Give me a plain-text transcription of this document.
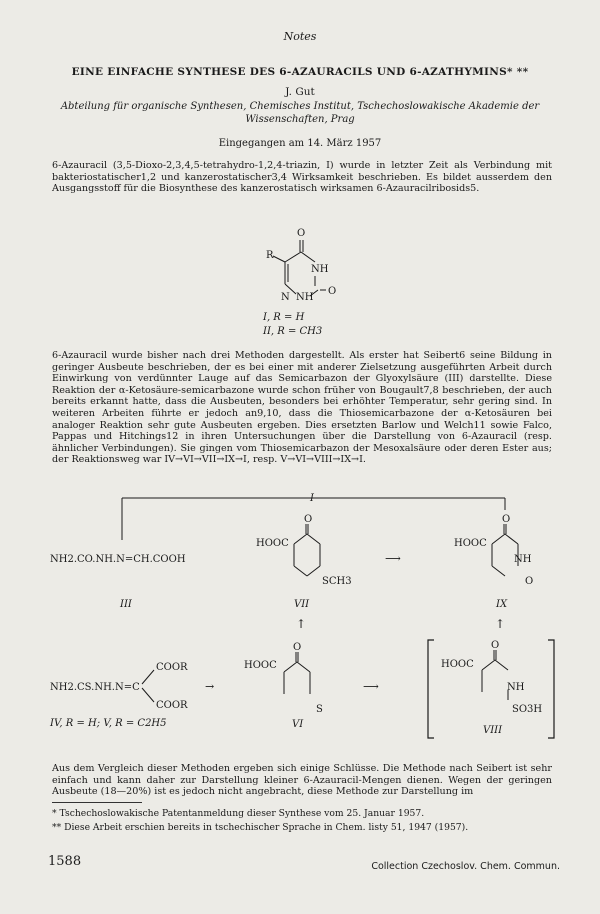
Notes
EINE EINFACHE SYNTHESE DES 6-AZAURACILS UND 6-AZATHYMINS* **
J. Gut
Abteilung für organische Synthesen, Chemisches Institut, Tschechoslowakische Akademie der Wissenschaften, Prag
Eingegangen am 14. März 1957
6-Azauracil (3,5-Dioxo-2,3,4,5-tetrahydro-1,2,4-triazin, I) wurde in letzter Zeit als Verbindung mit bakteriostatischer1,2 und kanzerostatischer3,4 Wirksamkeit beschrieben. Es bildet ausserdem den Ausgangsstoff für die Biosynthese des kanzerostatisch wirksamen 6-Azauracilribosids5.
O
R
NH
N NH
O
I, R = H
II, R = CH3
I
NH2.CO.NH.N=CH.COOH
III
O
HOOC
SCH3
VII
⟶
O
HOOC
NH
O
IX
↑	↑
NH2.CS.NH.N=C
COOR
COOR
IV, R = H; V, R = C2H5
→
O
HOOC
S
VI
⟶
O
HOOC
NH
SO3H
VIII
6-Azauracil wurde bisher nach drei Methoden dargestellt. Als erster hat Seibert6 seine Bildung in geringer Ausbeute beschrieben, der es bei einer mit anderer Zielsetzung ausgeführten Arbeit durch Einwirkung von verdünnter Lauge auf das Semicarbazon der Glyoxylsäure (III) darstellte. Diese Reaktion der α-Ketosäure-semicarbazone wurde schon früher von Bougault7,8 beschrieben, der auch bereits erkannt hatte, dass die Ausbeuten, besonders bei erhöhter Temperatur, sehr gering sind. In weiteren Arbeiten führte er jedoch an9,10, dass die Thiosemicarbazone der α-Ketosäuren bei analoger Reaktion sehr gute Ausbeuten ergeben. Dies ersetzten Barlow und Welch11 sowie Falco, Pappas und Hitchings12 in ihren Untersuchungen über die Darstellung von 6-Azauracil (resp. ähnlicher Verbindungen). Sie gingen vom Thiosemicarbazon der Mesoxalsäure oder deren Ester aus; der Reaktionsweg war IV→VI→VII→IX→I, resp. V→VI→VIII→IX→I.
Aus dem Vergleich dieser Methoden ergeben sich einige Schlüsse. Die Methode nach Seibert ist sehr einfach und kann daher zur Darstellung kleiner 6-Azauracil-Mengen dienen. Wegen der geringen Ausbeute (18—20%) ist es jedoch nicht angebracht, diese Methode zur Darstellung im
* Tschechoslowakische Patentanmeldung dieser Synthese vom 25. Januar 1957.
** Diese Arbeit erschien bereits in tschechischer Sprache in Chem. listy 51, 1947 (1957).
1588	Collection Czechoslov. Chem. Commun.
